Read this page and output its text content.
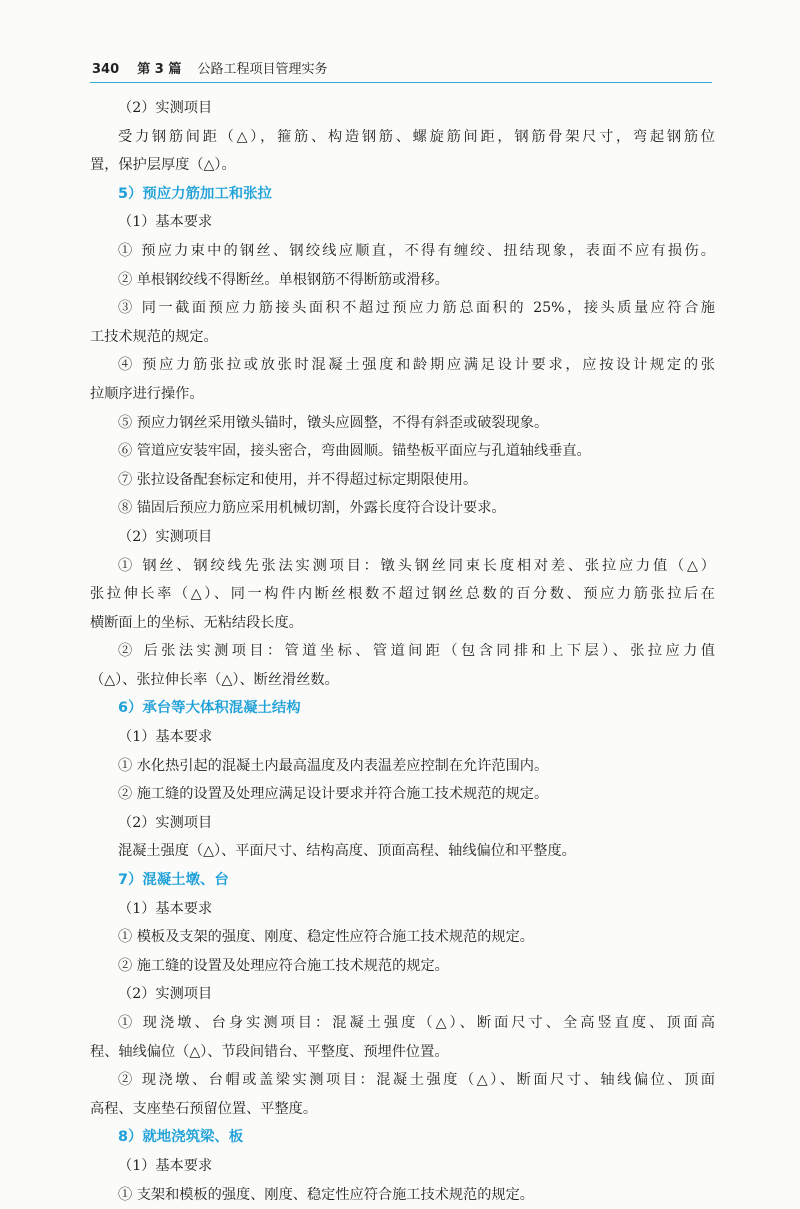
340 第 3 篇 公路工程项目管理实务
（2）实测项目
受力钢筋间距（△），箍筋、构造钢筋、螺旋筋间距，钢筋骨架尺寸，弯起钢筋位
置，保护层厚度（△）。
5）预应力筋加工和张拉
（1）基本要求
① 预应力束中的钢丝、钢绞线应顺直，不得有缠绞、扭结现象，表面不应有损伤。
② 单根钢绞线不得断丝。单根钢筋不得断筋或滑移。
③ 同一截面预应力筋接头面积不超过预应力筋总面积的 25%，接头质量应符合施
工技术规范的规定。
④ 预应力筋张拉或放张时混凝土强度和龄期应满足设计要求，应按设计规定的张
拉顺序进行操作。
⑤ 预应力钢丝采用镦头锚时，镦头应圆整，不得有斜歪或破裂现象。
⑥ 管道应安装牢固，接头密合，弯曲圆顺。锚垫板平面应与孔道轴线垂直。
⑦ 张拉设备配套标定和使用，并不得超过标定期限使用。
⑧ 锚固后预应力筋应采用机械切割，外露长度符合设计要求。
（2）实测项目
① 钢丝、钢绞线先张法实测项目：镦头钢丝同束长度相对差、张拉应力值（△）
张拉伸长率（△）、同一构件内断丝根数不超过钢丝总数的百分数、预应力筋张拉后在
横断面上的坐标、无粘结段长度。
② 后张法实测项目：管道坐标、管道间距（包含同排和上下层）、张拉应力值
（△）、张拉伸长率（△）、断丝滑丝数。
6）承台等大体积混凝土结构
（1）基本要求
① 水化热引起的混凝土内最高温度及内表温差应控制在允许范围内。
② 施工缝的设置及处理应满足设计要求并符合施工技术规范的规定。
（2）实测项目
混凝土强度（△）、平面尺寸、结构高度、顶面高程、轴线偏位和平整度。
7）混凝土墩、台
（1）基本要求
① 模板及支架的强度、刚度、稳定性应符合施工技术规范的规定。
② 施工缝的设置及处理应符合施工技术规范的规定。
（2）实测项目
① 现浇墩、台身实测项目：混凝土强度（△）、断面尺寸、全高竖直度、顶面高
程、轴线偏位（△）、节段间错台、平整度、预埋件位置。
② 现浇墩、台帽或盖梁实测项目：混凝土强度（△）、断面尺寸、轴线偏位、顶面
高程、支座垫石预留位置、平整度。
8）就地浇筑梁、板
（1）基本要求
① 支架和模板的强度、刚度、稳定性应符合施工技术规范的规定。
